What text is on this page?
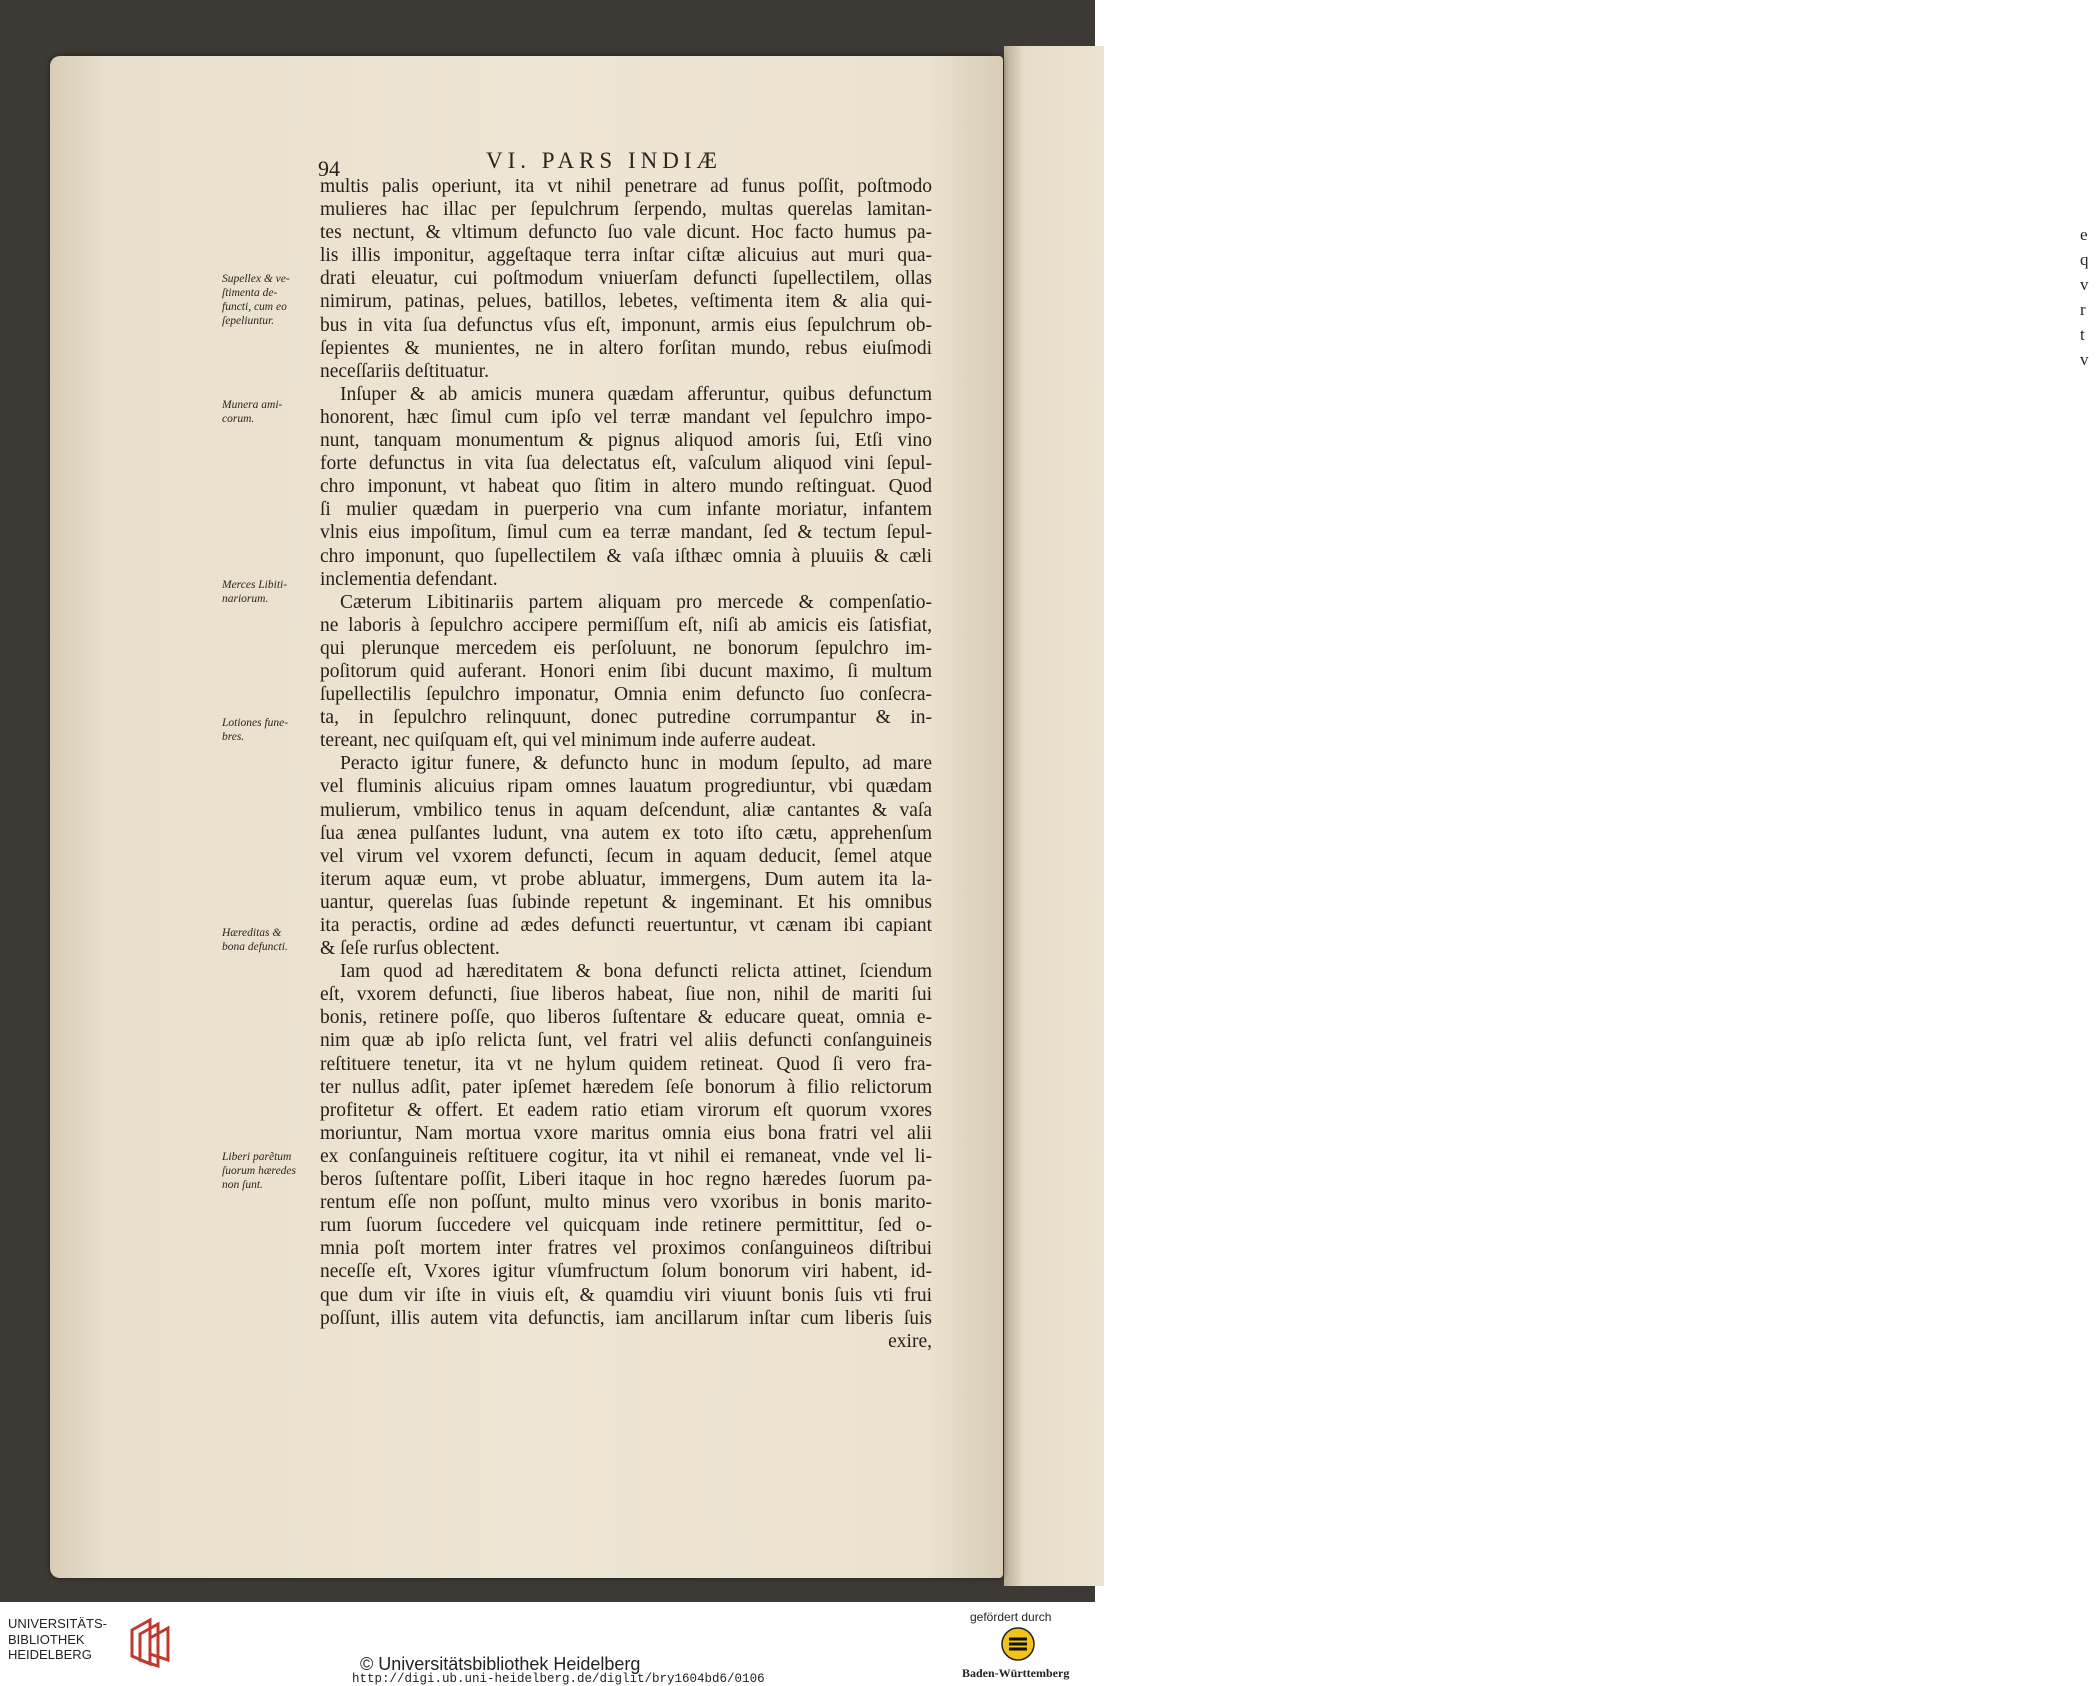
e
q
v
r
t
v
94	VI. PARS INDIÆ
multis palis operiunt, ita vt nihil penetrare ad funus poſſit, poſtmodo
mulieres hac illac per ſepulchrum ſerpendo, multas querelas lamitan-
tes nectunt, & vltimum defuncto ſuo vale dicunt. Hoc facto humus pa-
lis illis imponitur, aggeſtaque terra inſtar ciſtæ alicuius aut muri qua-
drati eleuatur, cui poſtmodum vniuerſam defuncti ſupellectilem, ollas
nimirum, patinas, pelues, batillos, lebetes, veſtimenta item & alia qui-
bus in vita ſua defunctus vſus eſt, imponunt, armis eius ſepulchrum ob-
ſepientes & munientes, ne in altero forſitan mundo, rebus eiuſmodi
neceſſariis deſtituatur.
Inſuper & ab amicis munera quædam afferuntur, quibus defunctum
honorent, hæc ſimul cum ipſo vel terræ mandant vel ſepulchro impo-
nunt, tanquam monumentum & pignus aliquod amoris ſui, Etſi vino
forte defunctus in vita ſua delectatus eſt, vaſculum aliquod vini ſepul-
chro imponunt, vt habeat quo ſitim in altero mundo reſtinguat. Quod
ſi mulier quædam in puerperio vna cum infante moriatur, infantem
vlnis eius impoſitum, ſimul cum ea terræ mandant, ſed & tectum ſepul-
chro imponunt, quo ſupellectilem & vaſa iſthæc omnia à pluuiis & cæli
inclementia defendant.
Cæterum Libitinariis partem aliquam pro mercede & compenſatio-
ne laboris à ſepulchro accipere permiſſum eſt, niſi ab amicis eis ſatisfiat,
qui plerunque mercedem eis perſoluunt, ne bonorum ſepulchro im-
poſitorum quid auferant. Honori enim ſibi ducunt maximo, ſi multum
ſupellectilis ſepulchro imponatur, Omnia enim defuncto ſuo conſecra-
ta, in ſepulchro relinquunt, donec putredine corrumpantur & in-
tereant, nec quiſquam eſt, qui vel minimum inde auferre audeat.
Peracto igitur funere, & defuncto hunc in modum ſepulto, ad mare
vel fluminis alicuius ripam omnes lauatum progrediuntur, vbi quædam
mulierum, vmbilico tenus in aquam deſcendunt, aliæ cantantes & vaſa
ſua ænea pulſantes ludunt, vna autem ex toto iſto cætu, apprehenſum
vel virum vel vxorem defuncti, ſecum in aquam deducit, ſemel atque
iterum aquæ eum, vt probe abluatur, immergens, Dum autem ita la-
uantur, querelas ſuas ſubinde repetunt & ingeminant. Et his omnibus
ita peractis, ordine ad ædes defuncti reuertuntur, vt cænam ibi capiant
& ſeſe rurſus oblectent.
Iam quod ad hæreditatem & bona defuncti relicta attinet, ſciendum
eſt, vxorem defuncti, ſiue liberos habeat, ſiue non, nihil de mariti ſui
bonis, retinere poſſe, quo liberos ſuſtentare & educare queat, omnia e-
nim quæ ab ipſo relicta ſunt, vel fratri vel aliis defuncti conſanguineis
reſtituere tenetur, ita vt ne hylum quidem retineat. Quod ſi vero fra-
ter nullus adſit, pater ipſemet hæredem ſeſe bonorum à filio relictorum
profitetur & offert. Et eadem ratio etiam virorum eſt quorum vxores
moriuntur, Nam mortua vxore maritus omnia eius bona fratri vel alii
ex conſanguineis reſtituere cogitur, ita vt nihil ei remaneat, vnde vel li-
beros ſuſtentare poſſit, Liberi itaque in hoc regno hæredes ſuorum pa-
rentum eſſe non poſſunt, multo minus vero vxoribus in bonis marito-
rum ſuorum ſuccedere vel quicquam inde retinere permittitur, ſed o-
mnia poſt mortem inter fratres vel proximos conſanguineos diſtribui
neceſſe eſt, Vxores igitur vſumfructum ſolum bonorum viri habent, id-
que dum vir iſte in viuis eſt, & quamdiu viri viuunt bonis ſuis vti frui
poſſunt, illis autem vita defunctis, iam ancillarum inſtar cum liberis ſuis
exire,
Supellex & ve-
ſtimenta de-
functi, cum eo
ſepeliuntur.
Munera ami-
corum.
Merces Libiti-
nariorum.
Lotiones fune-
bres.
Hæreditas &
bona defuncti.
Liberi parẽtum
ſuorum hæredes
non ſunt.
UNIVERSITÄTS-
BIBLIOTHEK
HEIDELBERG	© Universitätsbibliothek Heidelberg
http://digi.ub.uni-heidelberg.de/diglit/bry1604bd6/0106
gefördert durch
Baden-Württemberg
